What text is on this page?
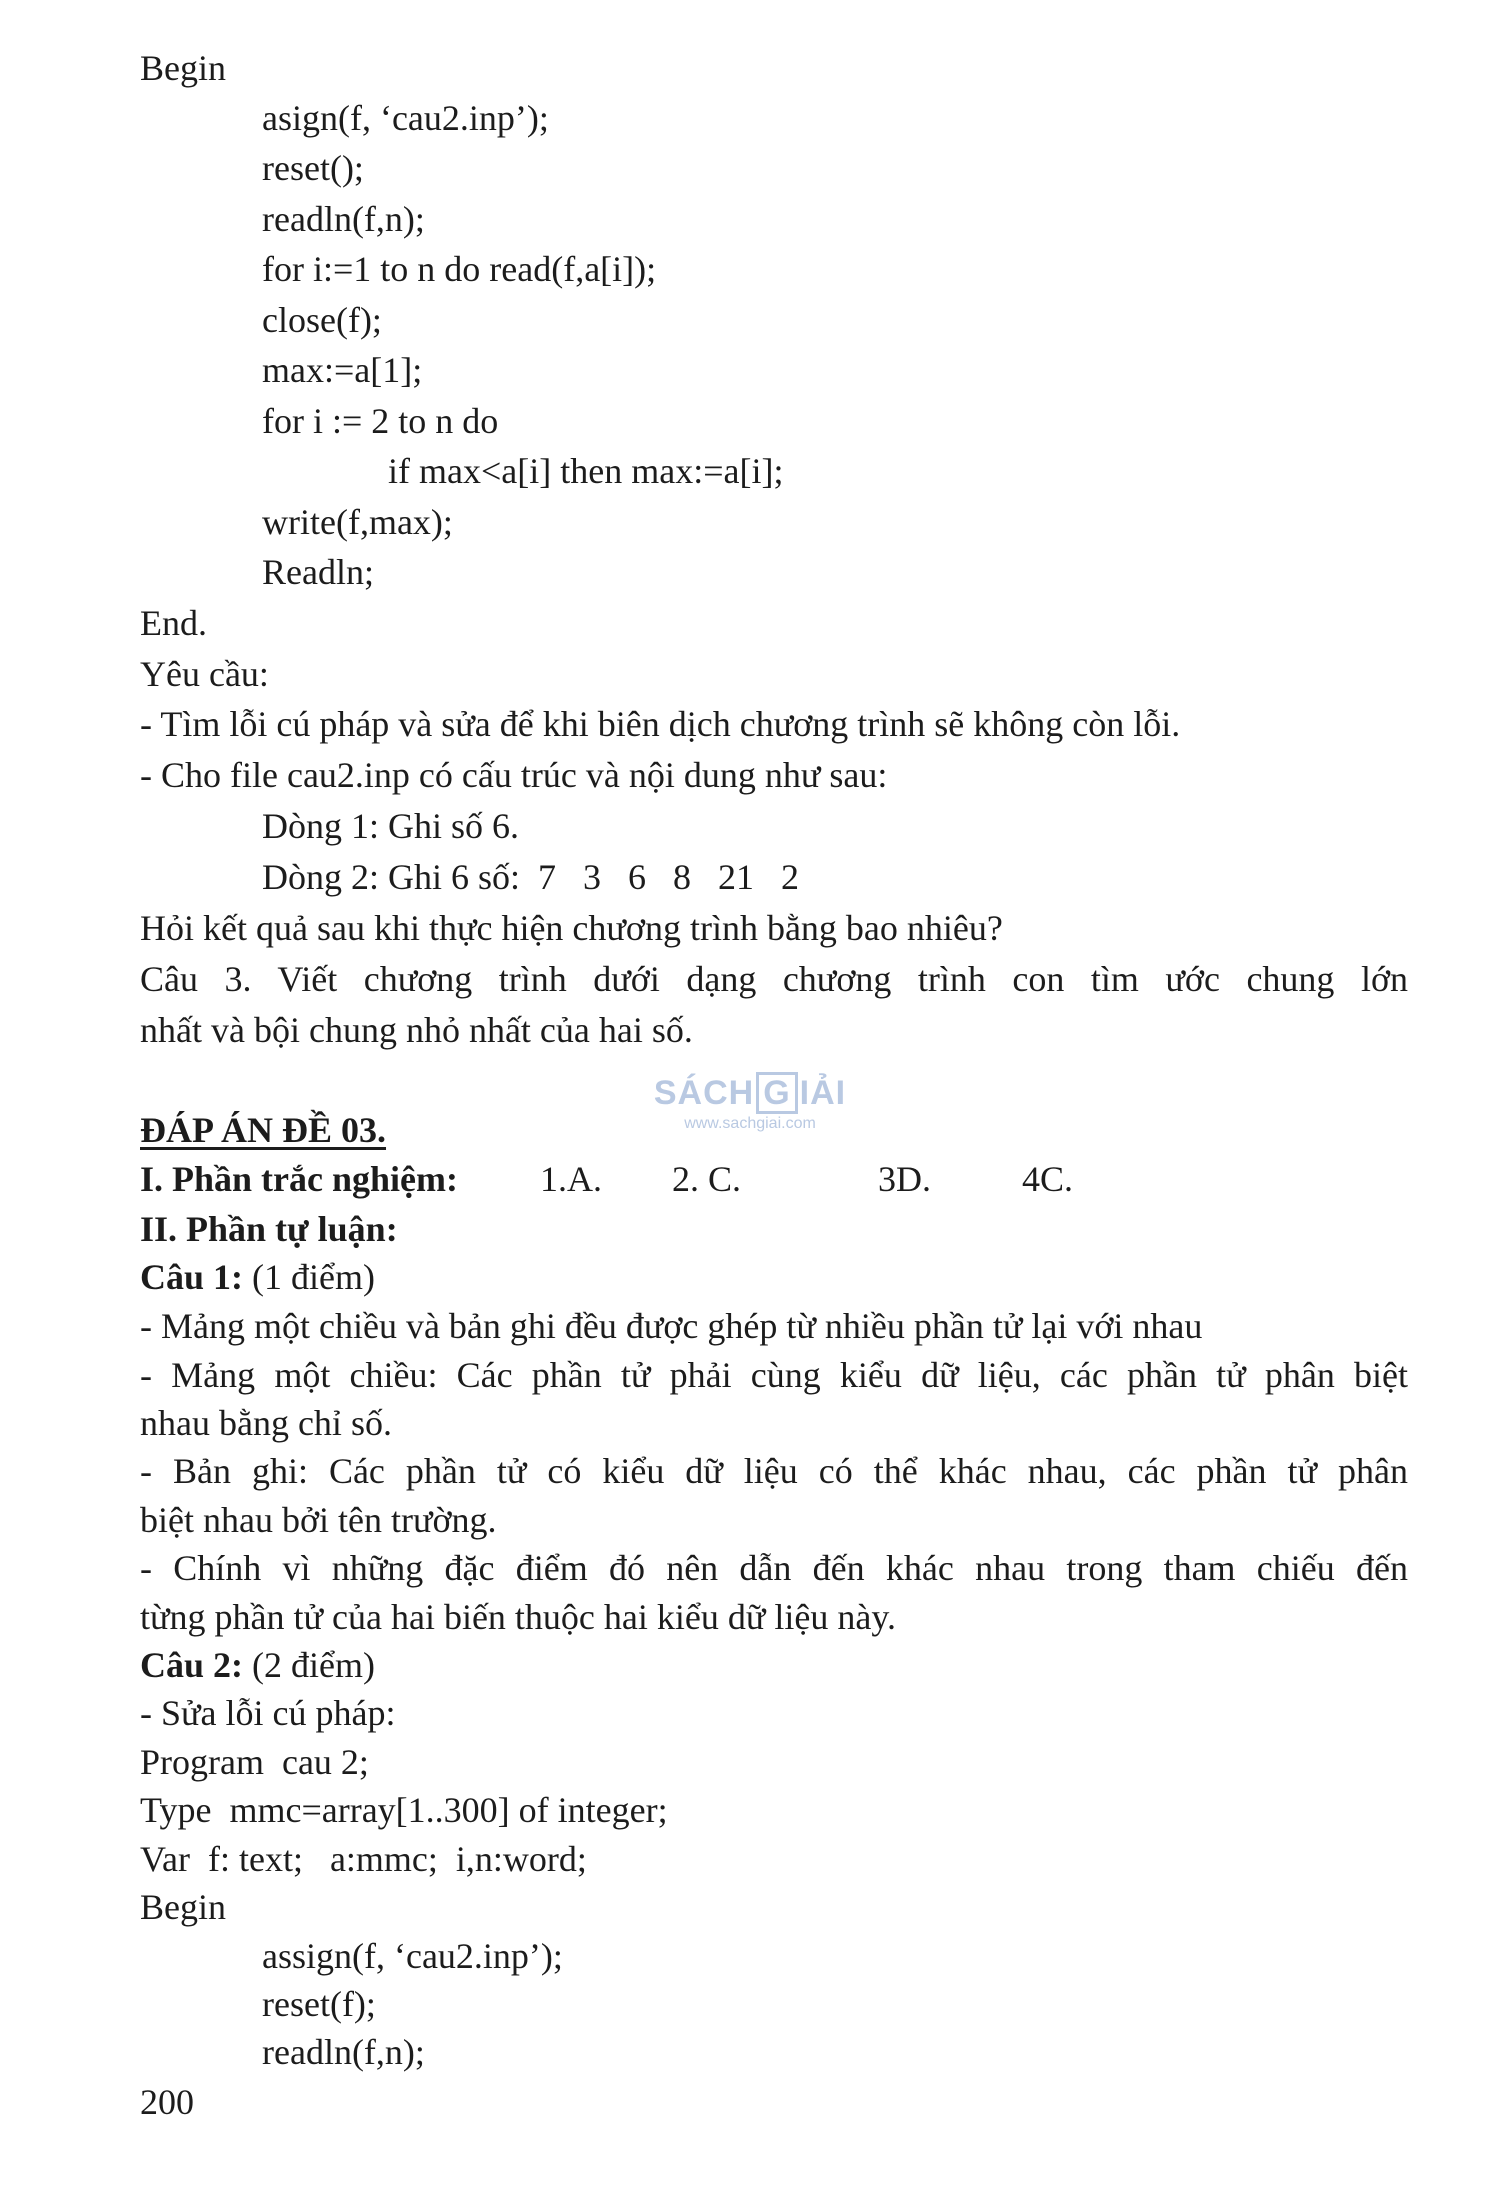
Begin
asign(f, ‘cau2.inp’);
reset();
readln(f,n);
for i:=1 to n do read(f,a[i]);
close(f);
max:=a[1];
for i := 2 to n do
if max<a[i] then max:=a[i];
write(f,max);
Readln;
End.
Yêu cầu:
- Tìm lỗi cú pháp và sửa để khi biên dịch chương trình sẽ không còn lỗi.
- Cho file cau2.inp có cấu trúc và nội dung như sau:
Dòng 1: Ghi số 6.
Dòng 2: Ghi 6 số:  7   3   6   8   21   2
Hỏi kết quả sau khi thực hiện chương trình bằng bao nhiêu?
Câu 3. Viết chương trình dưới dạng chương trình con tìm ước chung lớn
nhất và bội chung nhỏ nhất của hai số.
SÁCH G IẢI
www.sachgiai.com
ĐÁP ÁN ĐỀ 03.

I. Phần trắc nghiệm:

1.A.

2. C.

	3D.

	4C.

II. Phần tự luận:
Câu 1: (1 điểm)
- Mảng một chiều và bản ghi đều được ghép từ nhiều phần tử lại với nhau
- Mảng một chiều: Các phần tử phải cùng kiểu dữ liệu, các phần tử phân biệt
nhau bằng chỉ số.
- Bản ghi: Các phần tử có kiểu dữ liệu có thể khác nhau, các phần tử phân
biệt nhau bởi tên trường.
- Chính vì những đặc điểm đó nên dẫn đến khác nhau trong tham chiếu đến
từng phần tử của hai biến thuộc hai kiểu dữ liệu này.
Câu 2: (2 điểm)
- Sửa lỗi cú pháp:
Program  cau 2;
Type  mmc=array[1..300] of integer;
Var  f: text;   a:mmc;  i,n:word;
Begin
assign(f, ‘cau2.inp’);
reset(f);
readln(f,n);
200
